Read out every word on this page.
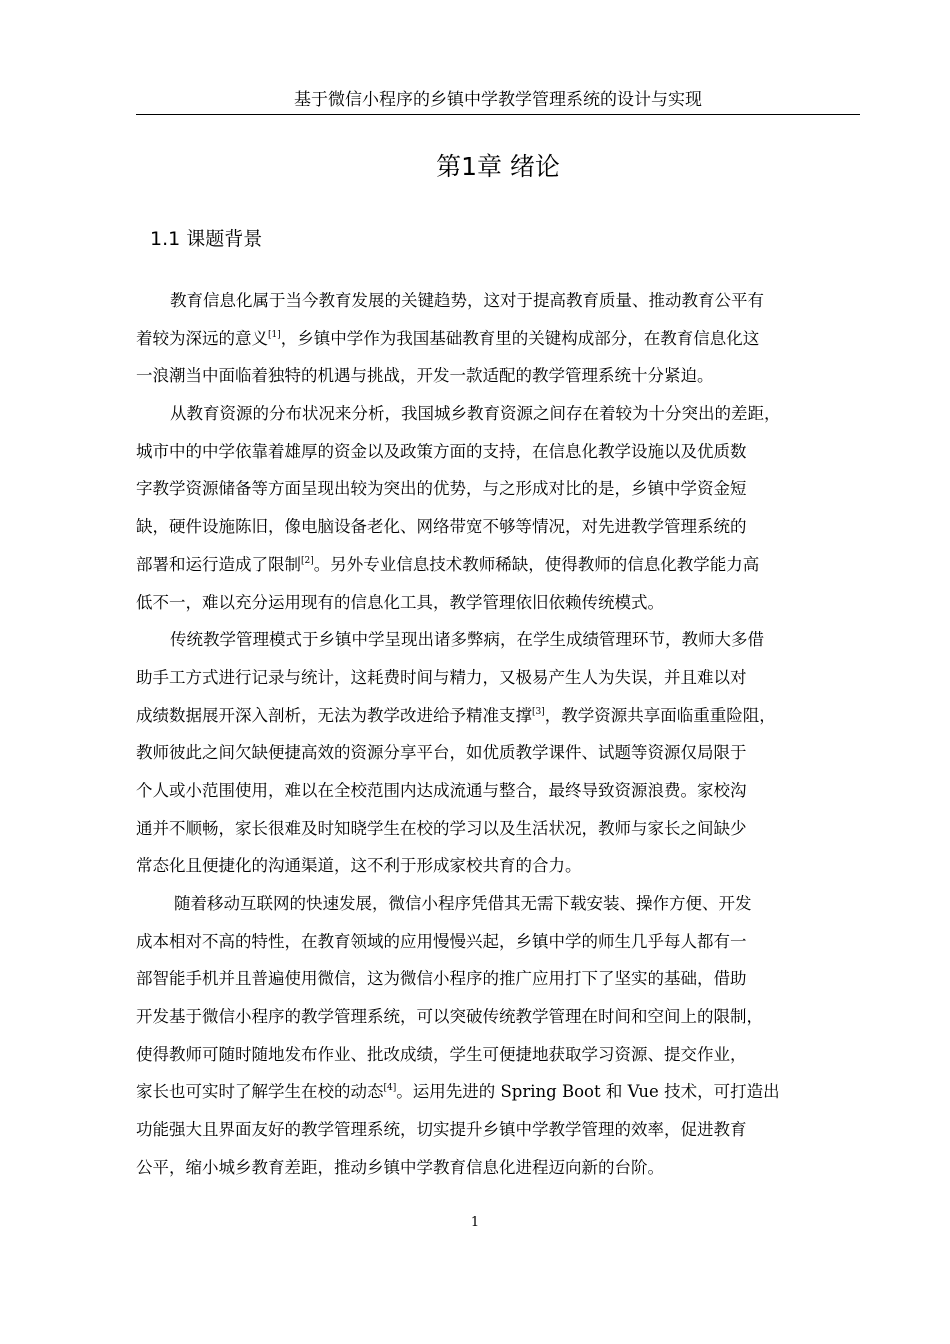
基于微信小程序的乡镇中学教学管理系统的设计与实现
第1章 绪论
1.1 课题背景
教育信息化属于当今教育发展的关键趋势，这对于提高教育质量、推动教育公平有
着较为深远的意义[1]，乡镇中学作为我国基础教育里的关键构成部分，在教育信息化这
一浪潮当中面临着独特的机遇与挑战，开发一款适配的教学管理系统十分紧迫。
从教育资源的分布状况来分析，我国城乡教育资源之间存在着较为十分突出的差距，
城市中的中学依靠着雄厚的资金以及政策方面的支持，在信息化教学设施以及优质数
字教学资源储备等方面呈现出较为突出的优势，与之形成对比的是，乡镇中学资金短
缺，硬件设施陈旧，像电脑设备老化、网络带宽不够等情况，对先进教学管理系统的
部署和运行造成了限制[2]。另外专业信息技术教师稀缺，使得教师的信息化教学能力高
低不一，难以充分运用现有的信息化工具，教学管理依旧依赖传统模式。
传统教学管理模式于乡镇中学呈现出诸多弊病，在学生成绩管理环节，教师大多借
助手工方式进行记录与统计，这耗费时间与精力，又极易产生人为失误，并且难以对
成绩数据展开深入剖析，无法为教学改进给予精准支撑[3]，教学资源共享面临重重险阻，
教师彼此之间欠缺便捷高效的资源分享平台，如优质教学课件、试题等资源仅局限于
个人或小范围使用，难以在全校范围内达成流通与整合，最终导致资源浪费。家校沟
通并不顺畅，家长很难及时知晓学生在校的学习以及生活状况，教师与家长之间缺少
常态化且便捷化的沟通渠道，这不利于形成家校共育的合力。
随着移动互联网的快速发展，微信小程序凭借其无需下载安装、操作方便、开发
成本相对不高的特性，在教育领域的应用慢慢兴起，乡镇中学的师生几乎每人都有一
部智能手机并且普遍使用微信，这为微信小程序的推广应用打下了坚实的基础，借助
开发基于微信小程序的教学管理系统，可以突破传统教学管理在时间和空间上的限制，
使得教师可随时随地发布作业、批改成绩，学生可便捷地获取学习资源、提交作业，
家长也可实时了解学生在校的动态[4]。运用先进的 Spring Boot 和 Vue 技术，可打造出
功能强大且界面友好的教学管理系统，切实提升乡镇中学教学管理的效率，促进教育
公平，缩小城乡教育差距，推动乡镇中学教育信息化进程迈向新的台阶。
1
